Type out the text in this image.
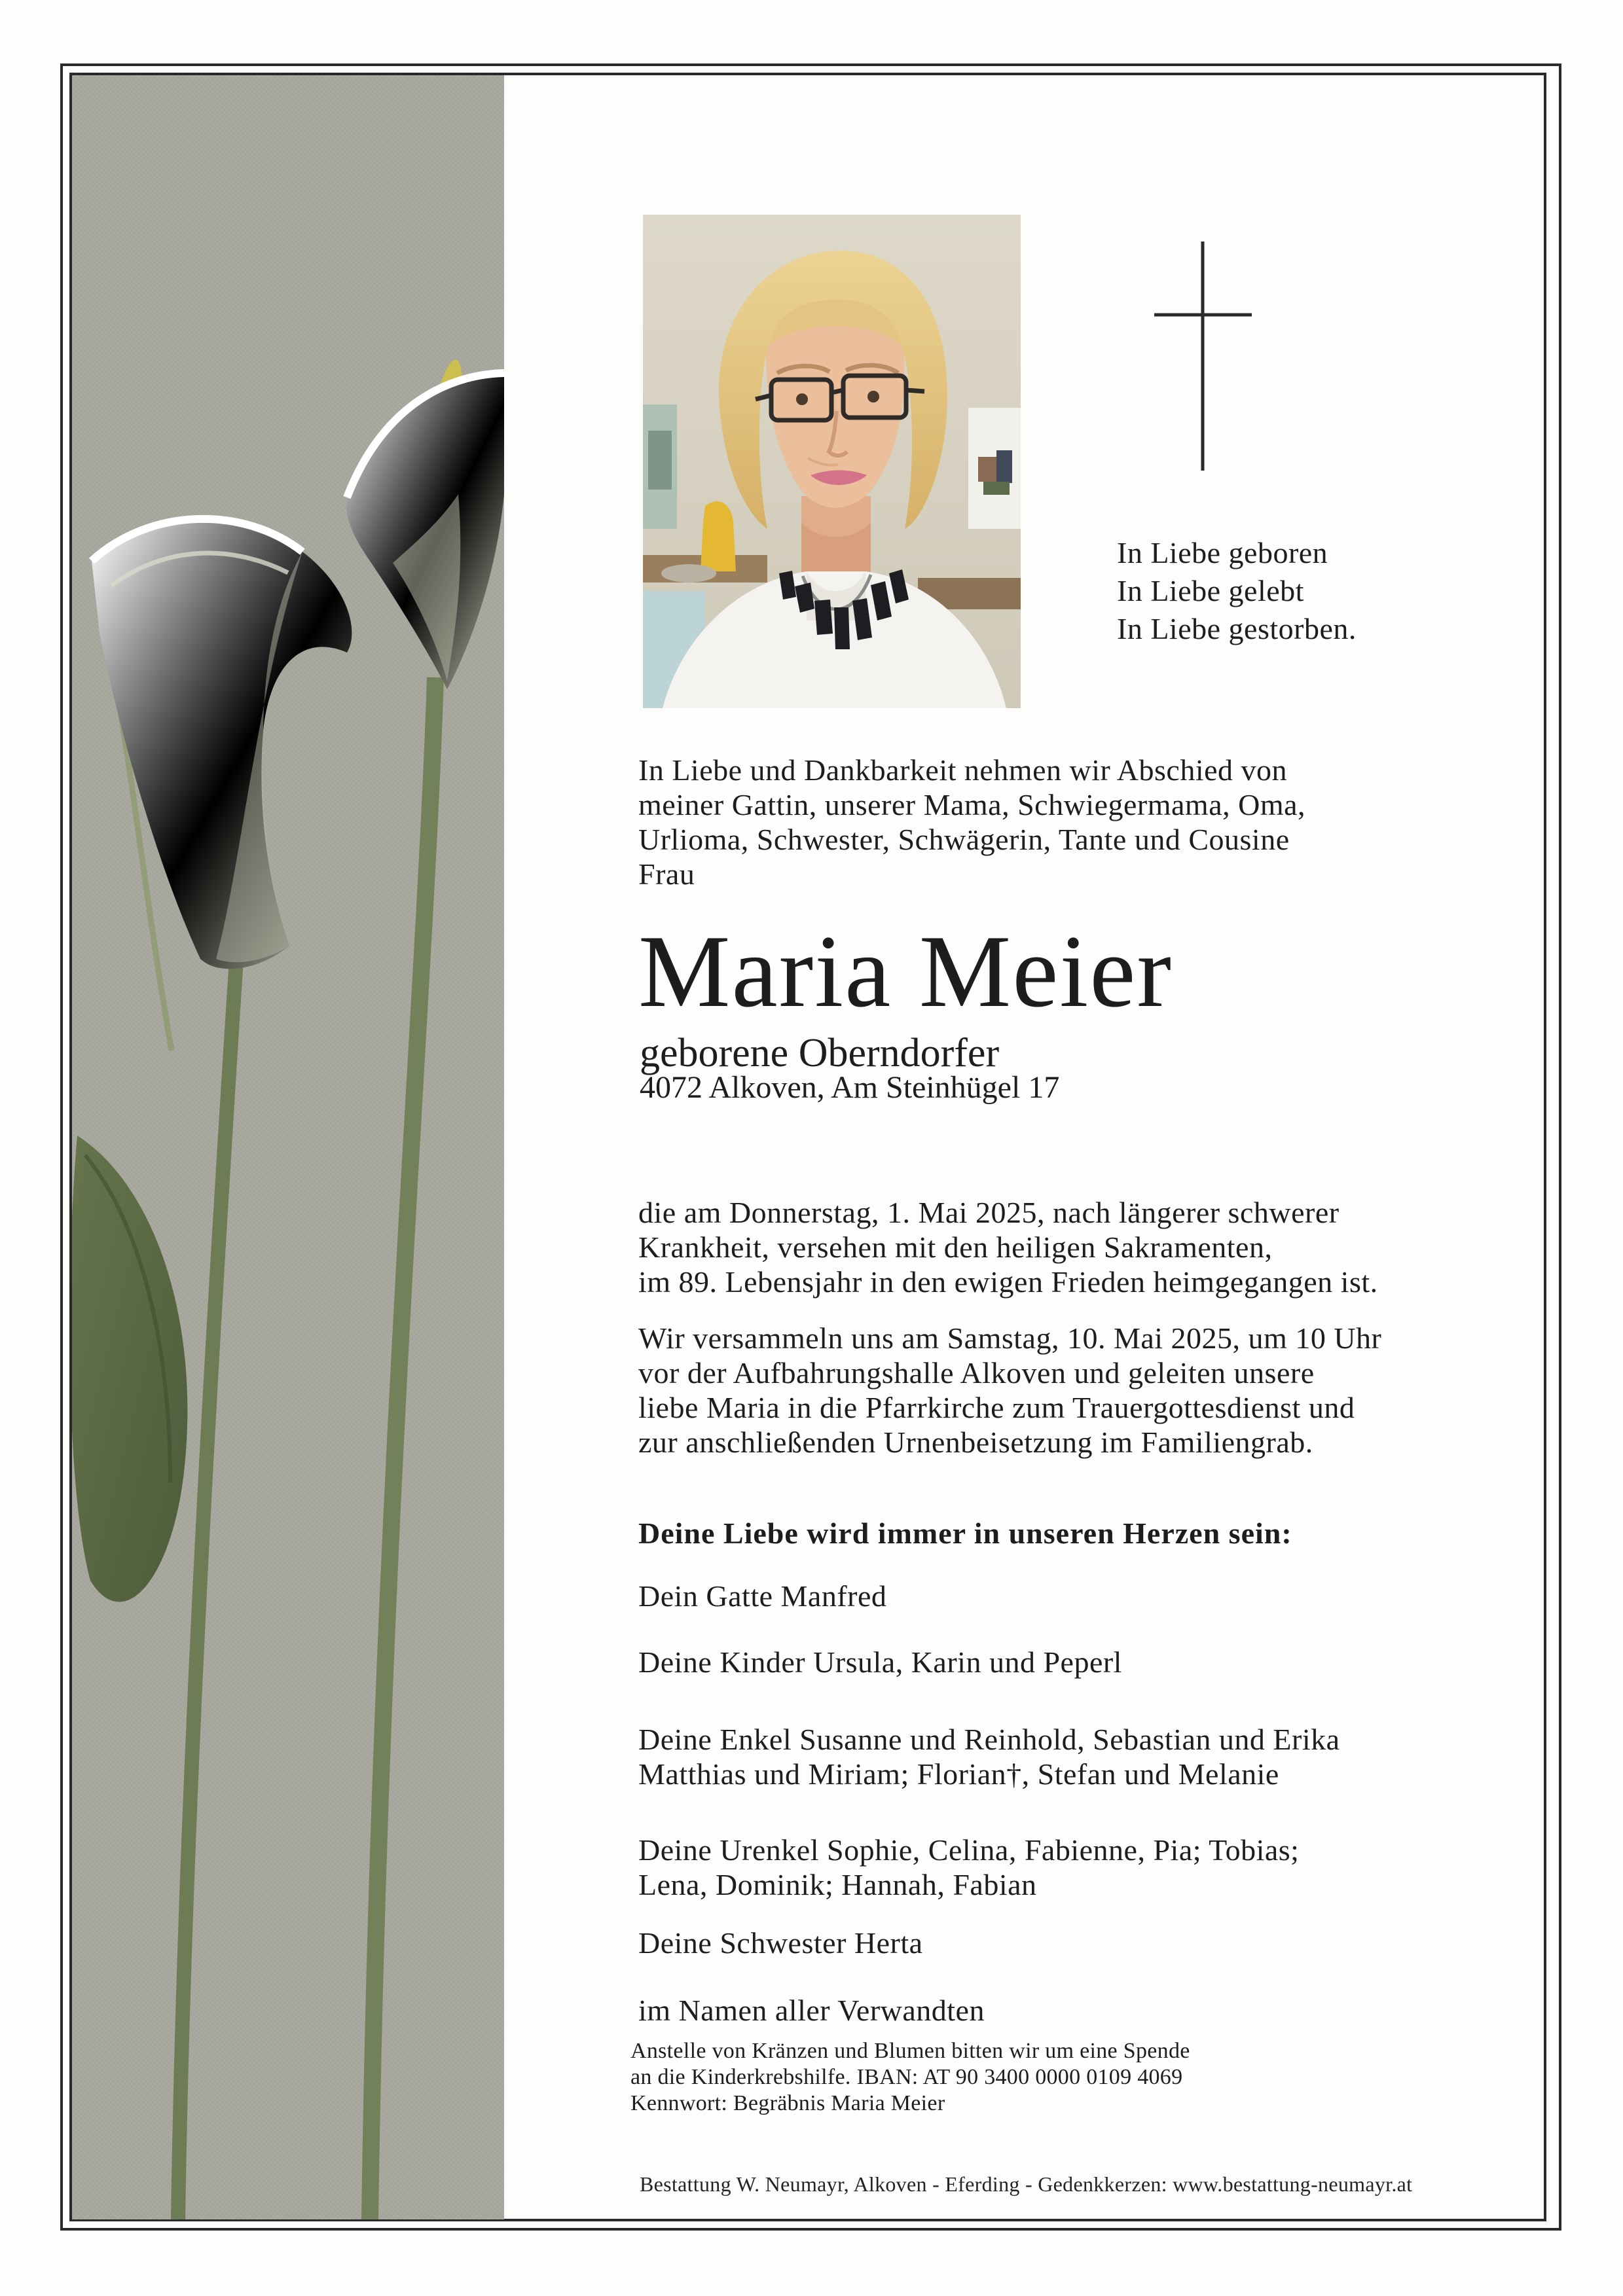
In Liebe geboren
In Liebe gelebt
In Liebe gestorben.
In Liebe und Dankbarkeit nehmen wir Abschied von
meiner Gattin, unserer Mama, Schwiegermama, Oma,
Urlioma, Schwester, Schwägerin, Tante und Cousine
Frau
Maria Meier
geborene Oberndorfer
4072 Alkoven, Am Steinhügel 17
die am Donnerstag, 1. Mai 2025, nach längerer schwerer
Krankheit, versehen mit den heiligen Sakramenten,
im 89. Lebensjahr in den ewigen Frieden heimgegangen ist.
Wir versammeln uns am Samstag, 10. Mai 2025, um 10 Uhr
vor der Aufbahrungshalle Alkoven und geleiten unsere
liebe Maria in die Pfarrkirche zum Trauergottesdienst und
zur anschließenden Urnenbeisetzung im Familiengrab.
Deine Liebe wird immer in unseren Herzen sein:
Dein Gatte Manfred
Deine Kinder Ursula, Karin und Peperl
Deine Enkel Susanne und Reinhold, Sebastian und Erika
Matthias und Miriam; Florian†, Stefan und Melanie
Deine Urenkel Sophie, Celina, Fabienne, Pia; Tobias;
Lena, Dominik; Hannah, Fabian
Deine Schwester Herta
im Namen aller Verwandten
Anstelle von Kränzen und Blumen bitten wir um eine Spende
an die Kinderkrebshilfe. IBAN: AT 90 3400 0000 0109 4069
Kennwort: Begräbnis Maria Meier
Bestattung W. Neumayr, Alkoven - Eferding - Gedenkkerzen: www.bestattung-neumayr.at
